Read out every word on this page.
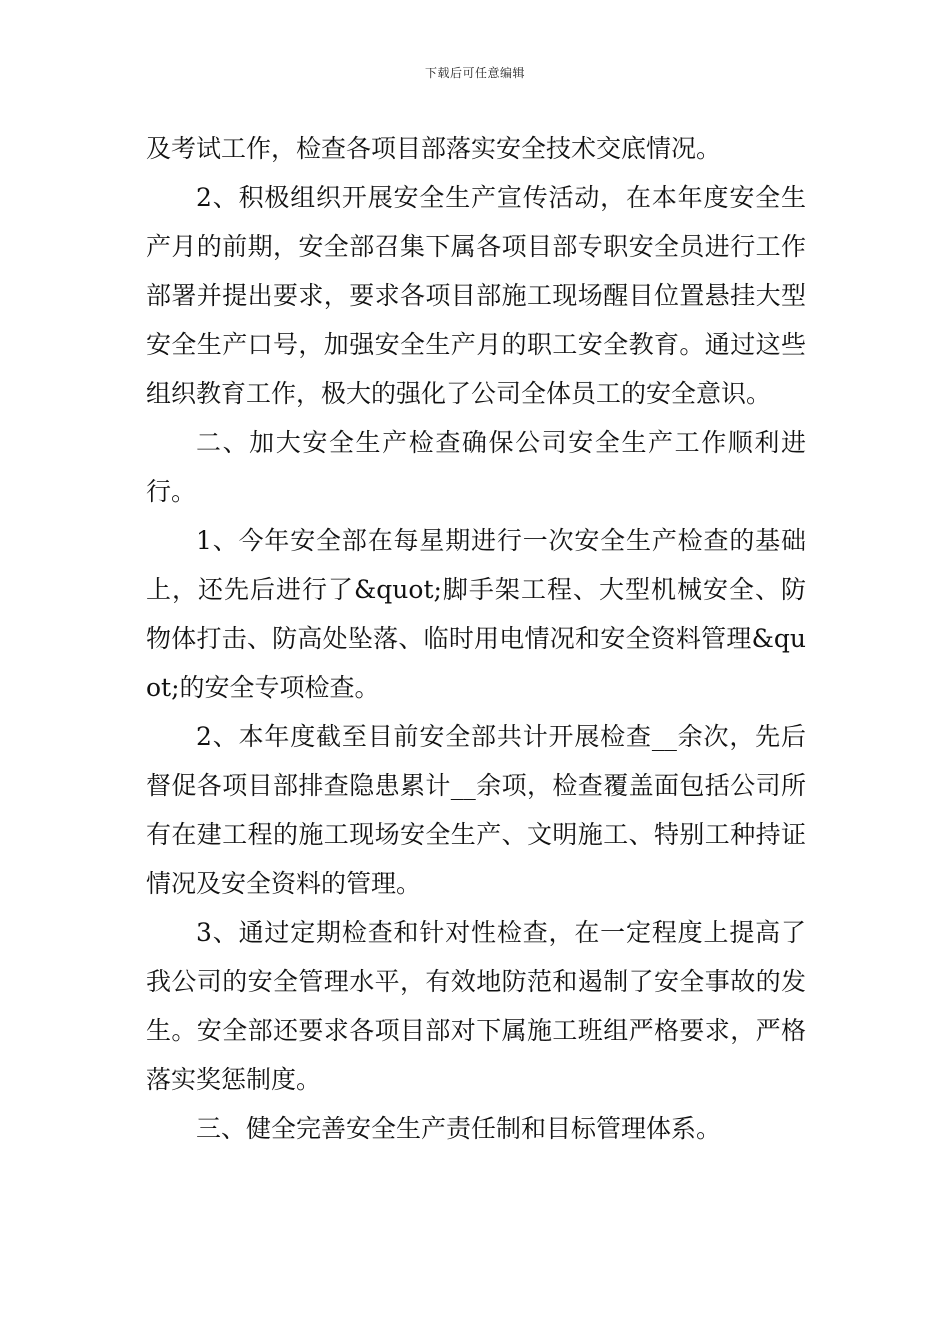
下载后可任意编辑

及考试工作，检查各项目部落实安全技术交底情况。

2、积极组织开展安全生产宣传活动，在本年度安全生产月的前期，安全部召集下属各项目部专职安全员进行工作部署并提出要求，要求各项目部施工现场醒目位置悬挂大型安全生产口号，加强安全生产月的职工安全教育。通过这些组织教育工作，极大的强化了公司全体员工的安全意识。

二、加大安全生产检查确保公司安全生产工作顺利进行。

1、今年安全部在每星期进行一次安全生产检查的基础上，还先后进行了&quot;脚手架工程、大型机械安全、防物体打击、防高处坠落、临时用电情况和安全资料管理&quot;的安全专项检查。

2、本年度截至目前安全部共计开展检查__余次，先后督促各项目部排查隐患累计__余项，检查覆盖面包括公司所有在建工程的施工现场安全生产、文明施工、特别工种持证情况及安全资料的管理。

3、通过定期检查和针对性检查，在一定程度上提高了我公司的安全管理水平，有效地防范和遏制了安全事故的发生。安全部还要求各项目部对下属施工班组严格要求，严格落实奖惩制度。

三、健全完善安全生产责任制和目标管理体系。
